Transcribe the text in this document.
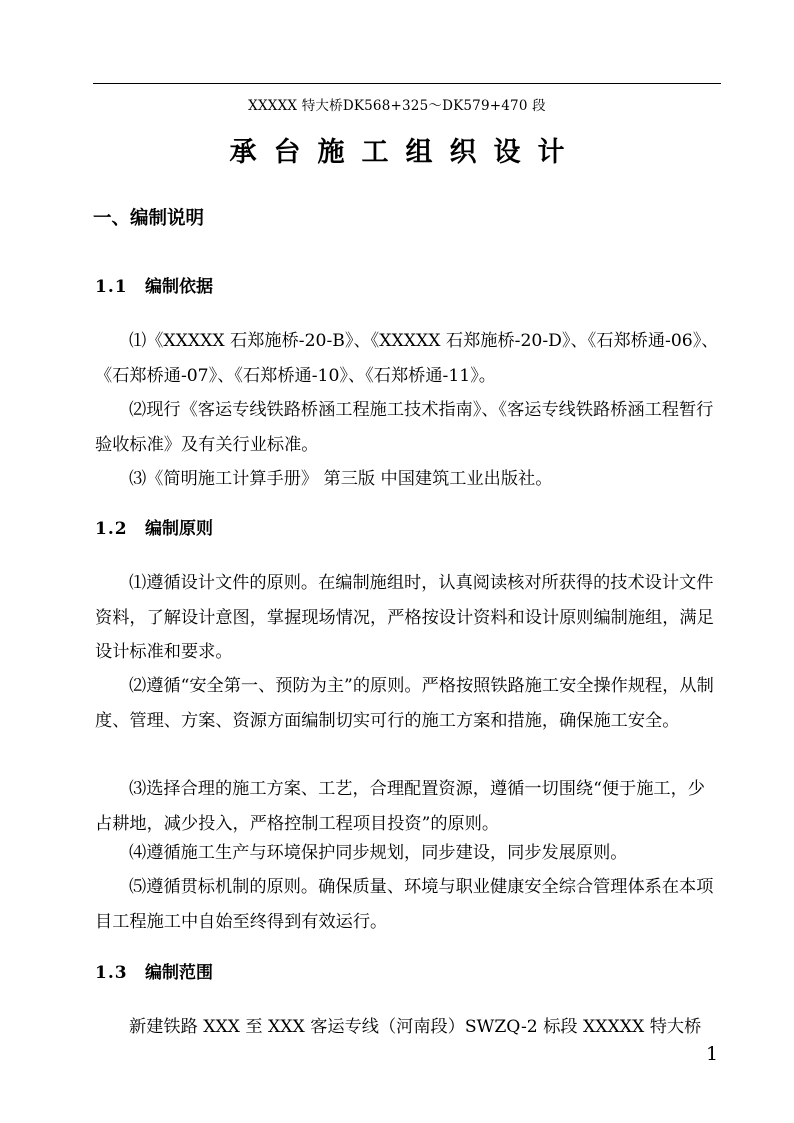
XXXXX 特大桥DK568+325～DK579+470 段
承台施工组织设计
一、编制说明
1.1 编制依据
⑴《XXXXX 石郑施桥-20-B》、《XXXXX 石郑施桥-20-D》、《石郑桥通-06》、《石郑桥通-07》、《石郑桥通-10》、《石郑桥通-11》。
⑵现行《客运专线铁路桥涵工程施工技术指南》、《客运专线铁路桥涵工程暂行验收标准》及有关行业标准。
⑶《简明施工计算手册》 第三版 中国建筑工业出版社。
1.2 编制原则
⑴遵循设计文件的原则。在编制施组时，认真阅读核对所获得的技术设计文件资料，了解设计意图，掌握现场情况，严格按设计资料和设计原则编制施组，满足设计标准和要求。
⑵遵循“安全第一、预防为主”的原则。严格按照铁路施工安全操作规程，从制度、管理、方案、资源方面编制切实可行的施工方案和措施，确保施工安全。
⑶选择合理的施工方案、工艺，合理配置资源，遵循一切围绕“便于施工，少占耕地，减少投入，严格控制工程项目投资”的原则。
⑷遵循施工生产与环境保护同步规划，同步建设，同步发展原则。
⑸遵循贯标机制的原则。确保质量、环境与职业健康安全综合管理体系在本项目工程施工中自始至终得到有效运行。
1.3 编制范围
新建铁路 XXX 至 XXX 客运专线（河南段）SWZQ-2 标段 XXXXX 特大桥
1
